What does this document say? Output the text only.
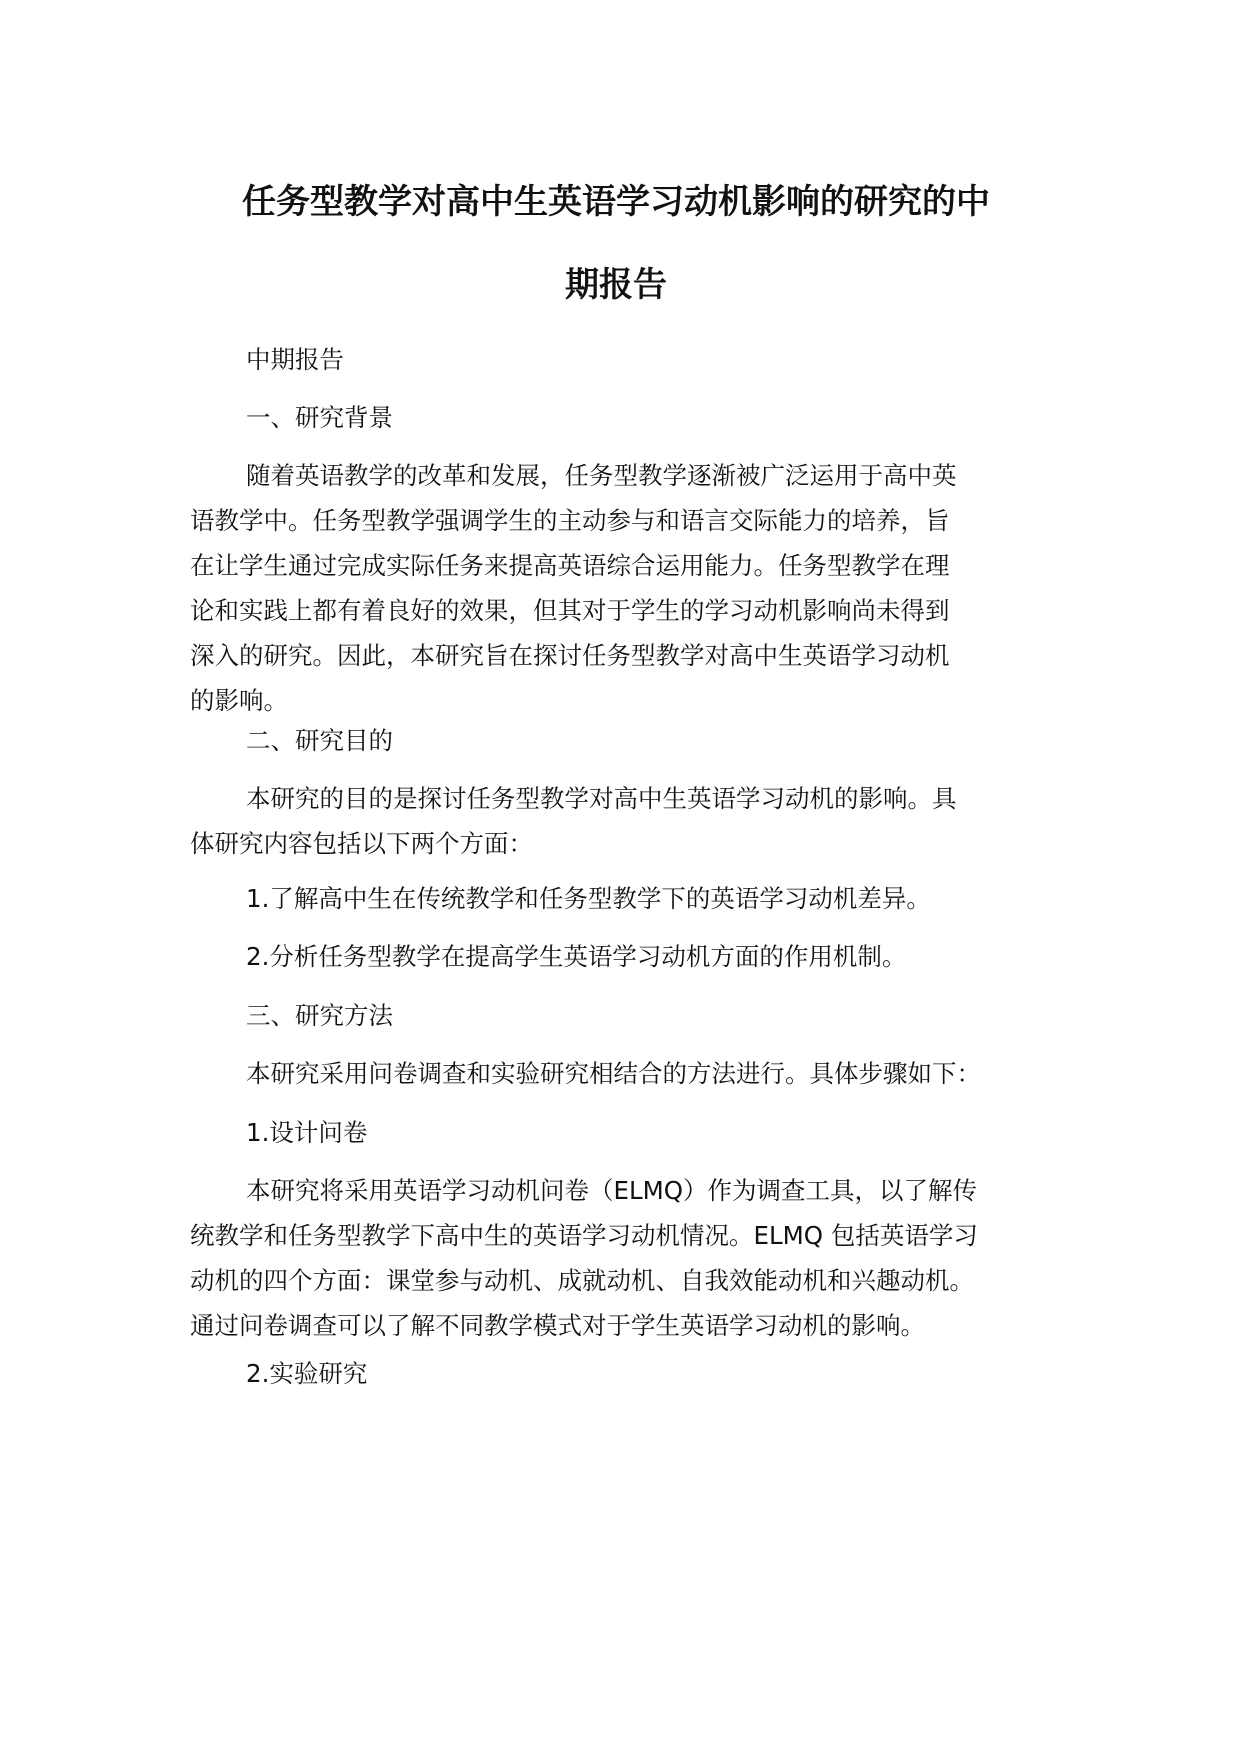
任务型教学对高中生英语学习动机影响的研究的中
期报告

中期报告

一、研究背景

随着英语教学的改革和发展，任务型教学逐渐被广泛运用于高中英

语教学中。任务型教学强调学生的主动参与和语言交际能力的培养，旨

在让学生通过完成实际任务来提高英语综合运用能力。任务型教学在理

论和实践上都有着良好的效果，但其对于学生的学习动机影响尚未得到

深入的研究。因此，本研究旨在探讨任务型教学对高中生英语学习动机

的影响。

二、研究目的

本研究的目的是探讨任务型教学对高中生英语学习动机的影响。具

体研究内容包括以下两个方面：

1.了解高中生在传统教学和任务型教学下的英语学习动机差异。

2.分析任务型教学在提高学生英语学习动机方面的作用机制。

三、研究方法

本研究采用问卷调查和实验研究相结合的方法进行。具体步骤如下：

1.设计问卷

本研究将采用英语学习动机问卷（ELMQ）作为调查工具，以了解传

统教学和任务型教学下高中生的英语学习动机情况。ELMQ 包括英语学习

动机的四个方面：课堂参与动机、成就动机、自我效能动机和兴趣动机。

通过问卷调查可以了解不同教学模式对于学生英语学习动机的影响。

2.实验研究
